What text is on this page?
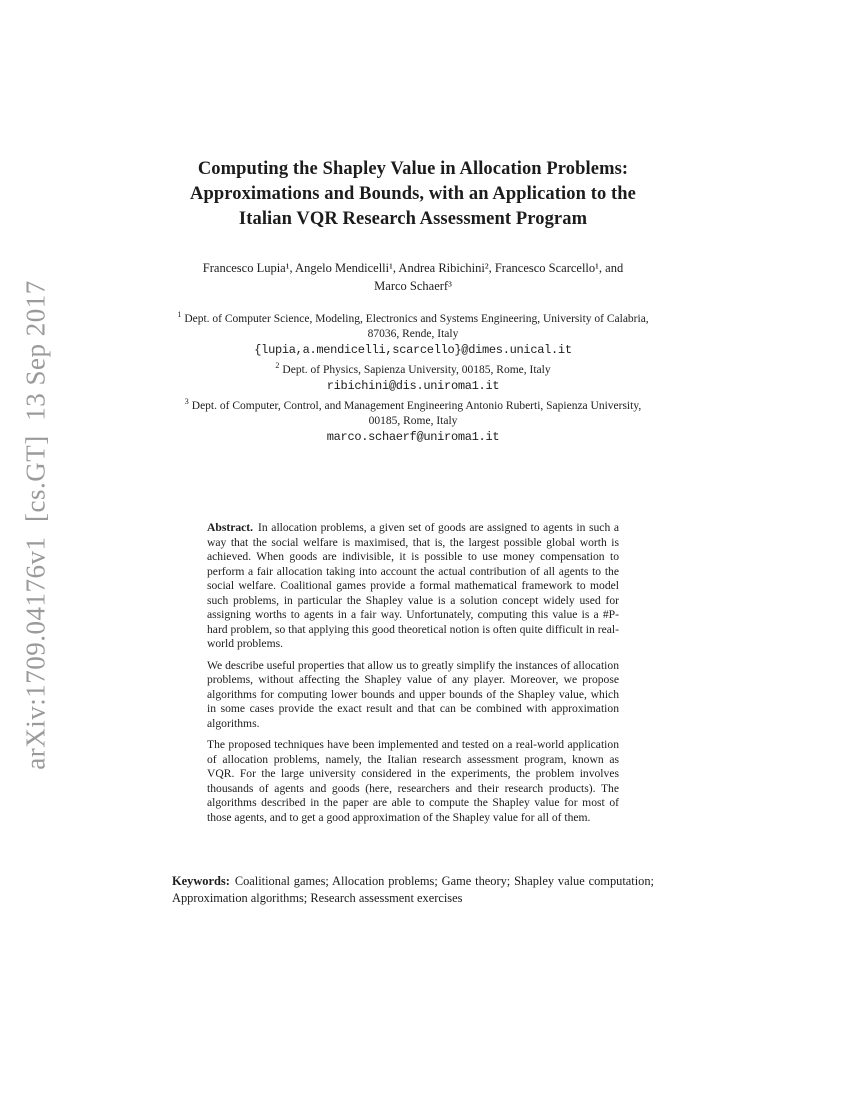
arXiv:1709.04176v1  [cs.GT]  13 Sep 2017
Computing the Shapley Value in Allocation Problems:
Approximations and Bounds, with an Application to the
Italian VQR Research Assessment Program
Francesco Lupia¹, Angelo Mendicelli¹, Andrea Ribichini², Francesco Scarcello¹, and
Marco Schaerf³
$^1$ Dept. of Computer Science, Modeling, Electronics and Systems Engineering, University of Calabria, 87036, Rende, Italy
{lupia,a.mendicelli,scarcello}@dimes.unical.it
$^2$ Dept. of Physics, Sapienza University, 00185, Rome, Italy
ribichini@dis.uniroma1.it
$^3$ Dept. of Computer, Control, and Management Engineering Antonio Ruberti, Sapienza University, 00185, Rome, Italy
marco.schaerf@uniroma1.it

Abstract. In allocation problems, a given set of goods are assigned to agents in such a way that the social welfare is maximised, that is, the largest possible global worth is achieved. When goods are indivisible, it is possible to use money compensation to perform a fair allocation taking into account the actual contribution of all agents to the social welfare. Coalitional games provide a formal mathematical framework to model such problems, in particular the Shapley value is a solution concept widely used for assigning worths to agents in a fair way. Unfortunately, computing this value is a #P-hard problem, so that applying this good theoretical notion is often quite difficult in real-world problems.

We describe useful properties that allow us to greatly simplify the instances of allocation problems, without affecting the Shapley value of any player. Moreover, we propose algorithms for computing lower bounds and upper bounds of the Shapley value, which in some cases provide the exact result and that can be combined with approximation algorithms.

The proposed techniques have been implemented and tested on a real-world application of allocation problems, namely, the Italian research assessment program, known as VQR. For the large university considered in the experiments, the problem involves thousands of agents and goods (here, researchers and their research products). The algorithms described in the paper are able to compute the Shapley value for most of those agents, and to get a good approximation of the Shapley value for all of them.

Keywords: Coalitional games; Allocation problems; Game theory; Shapley value computation; Approximation algorithms; Research assessment exercises
